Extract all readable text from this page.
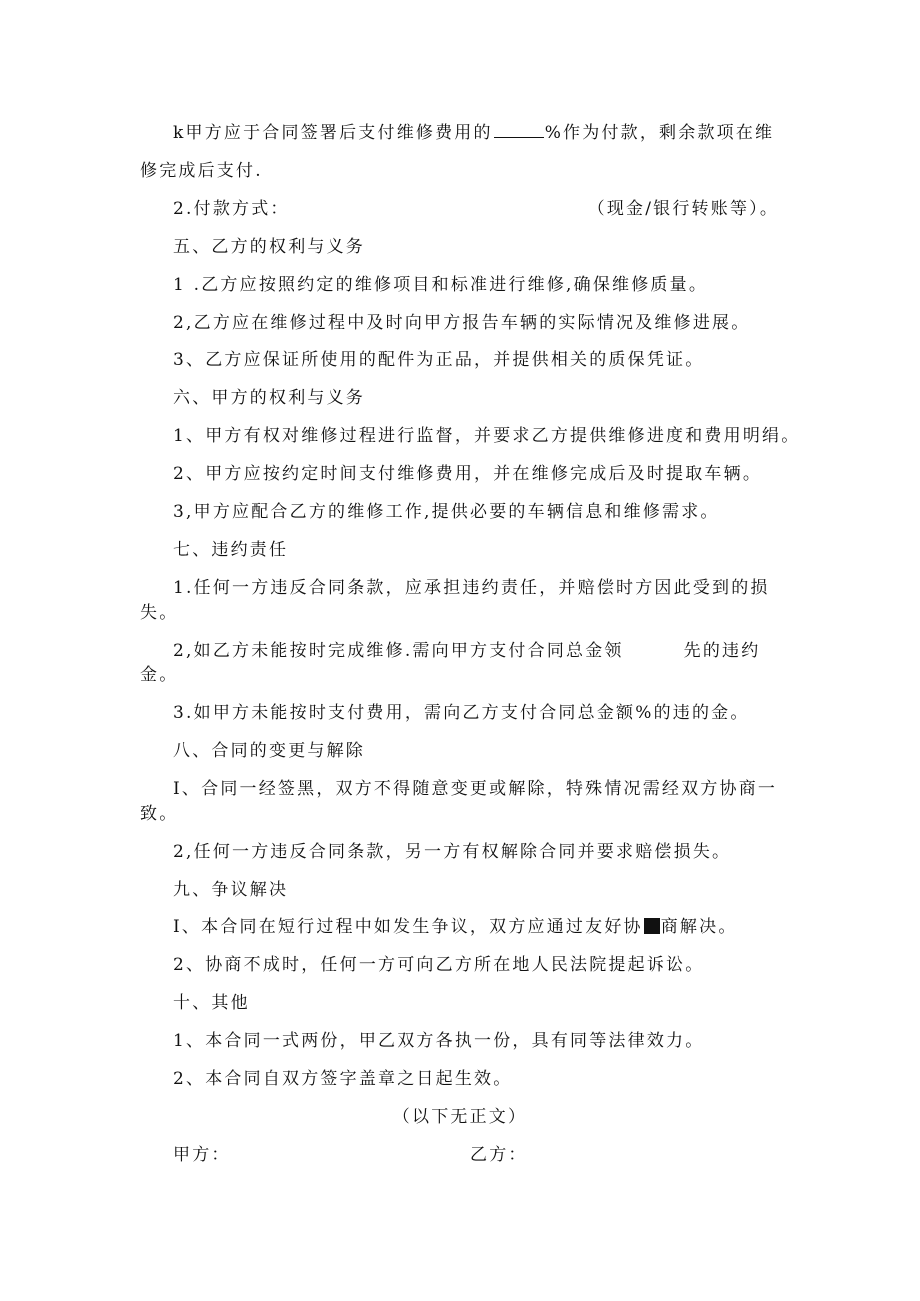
k甲方应于合同签署后支付维修费用的	%作为付款，剩余款项在维
修完成后支付.
2.付款方式：	（现金/银行转账等）。
五、乙方的权利与义务
1 .乙方应按照约定的维修项目和标准进行维修,确保维修质量。
2,乙方应在维修过程中及时向甲方报告车辆的实际情况及维修进展。
3、乙方应保证所使用的配件为正品，并提供相关的质保凭证。
六、甲方的权利与义务
1、甲方有权对维修过程进行监督，并要求乙方提供维修进度和费用明绢。
2、甲方应按约定时间支付维修费用，并在维修完成后及时提取车辆。
3,甲方应配合乙方的维修工作,提供必要的车辆信息和维修需求。
七、违约责任
1.任何一方违反合同条款，应承担违约责任，并赔偿时方因此受到的损
失。
2,如乙方未能按时完成维修.需向甲方支付合同总金领	先的违约
金。
3.如甲方未能按时支付费用，需向乙方支付合同总金额%的违的金。
八、合同的变更与解除
I、合同一经签黑，双方不得随意变更或解除，特殊情况需经双方协商一
致。
2,任何一方违反合同条款，另一方有权解除合同并要求赔偿损失。
九、争议解决
I、本合同在短行过程中如发生争议，双方应通过友好协 商解决。
2、协商不成时，任何一方可向乙方所在地人民法院提起诉讼。
十、其他
1、本合同一式两份，甲乙双方各执一份，具有同等法律效力。
2、本合同自双方签字盖章之日起生效。
（以下无正文）
甲方：	乙方：
